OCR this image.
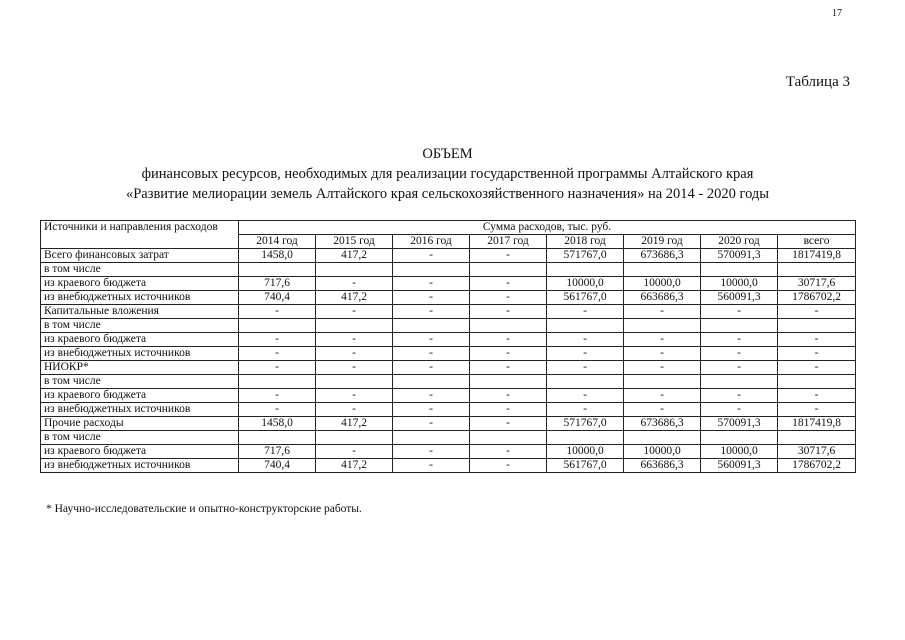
17
Таблица 3
ОБЪЕМ
финансовых ресурсов, необходимых для реализации государственной программы Алтайского края
«Развитие мелиорации земель Алтайского края сельскохозяйственного назначения» на 2014 - 2020 годы
Источники и направления расходов	Сумма расходов, тыс. руб.							
	2014 год	2015 год	2016 год	2017 год	2018 год	2019 год	2020 год	всего
Всего финансовых затрат	1458,0	417,2	-	-	571767,0	673686,3	570091,3	1817419,8
в том числе								
из краевого бюджета	717,6	-	-	-	10000,0	10000,0	10000,0	30717,6
из внебюджетных источников	740,4	417,2	-	-	561767,0	663686,3	560091,3	1786702,2
Капитальные вложения	-	-	-	-	-	-	-	-
в том числе								
из краевого бюджета	-	-	-	-	-	-	-	-
из внебюджетных источников	-	-	-	-	-	-	-	-
НИОКР*	-	-	-	-	-	-	-	-
в том числе								
из краевого бюджета	-	-	-	-	-	-	-	-
из внебюджетных источников	-	-	-	-	-	-	-	-
Прочие расходы	1458,0	417,2	-	-	571767,0	673686,3	570091,3	1817419,8
в том числе								
из краевого бюджета	717,6	-	-	-	10000,0	10000,0	10000,0	30717,6
из внебюджетных источников	740,4	417,2	-	-	561767,0	663686,3	560091,3	1786702,2
* Научно-исследовательские и опытно-конструкторские работы.
